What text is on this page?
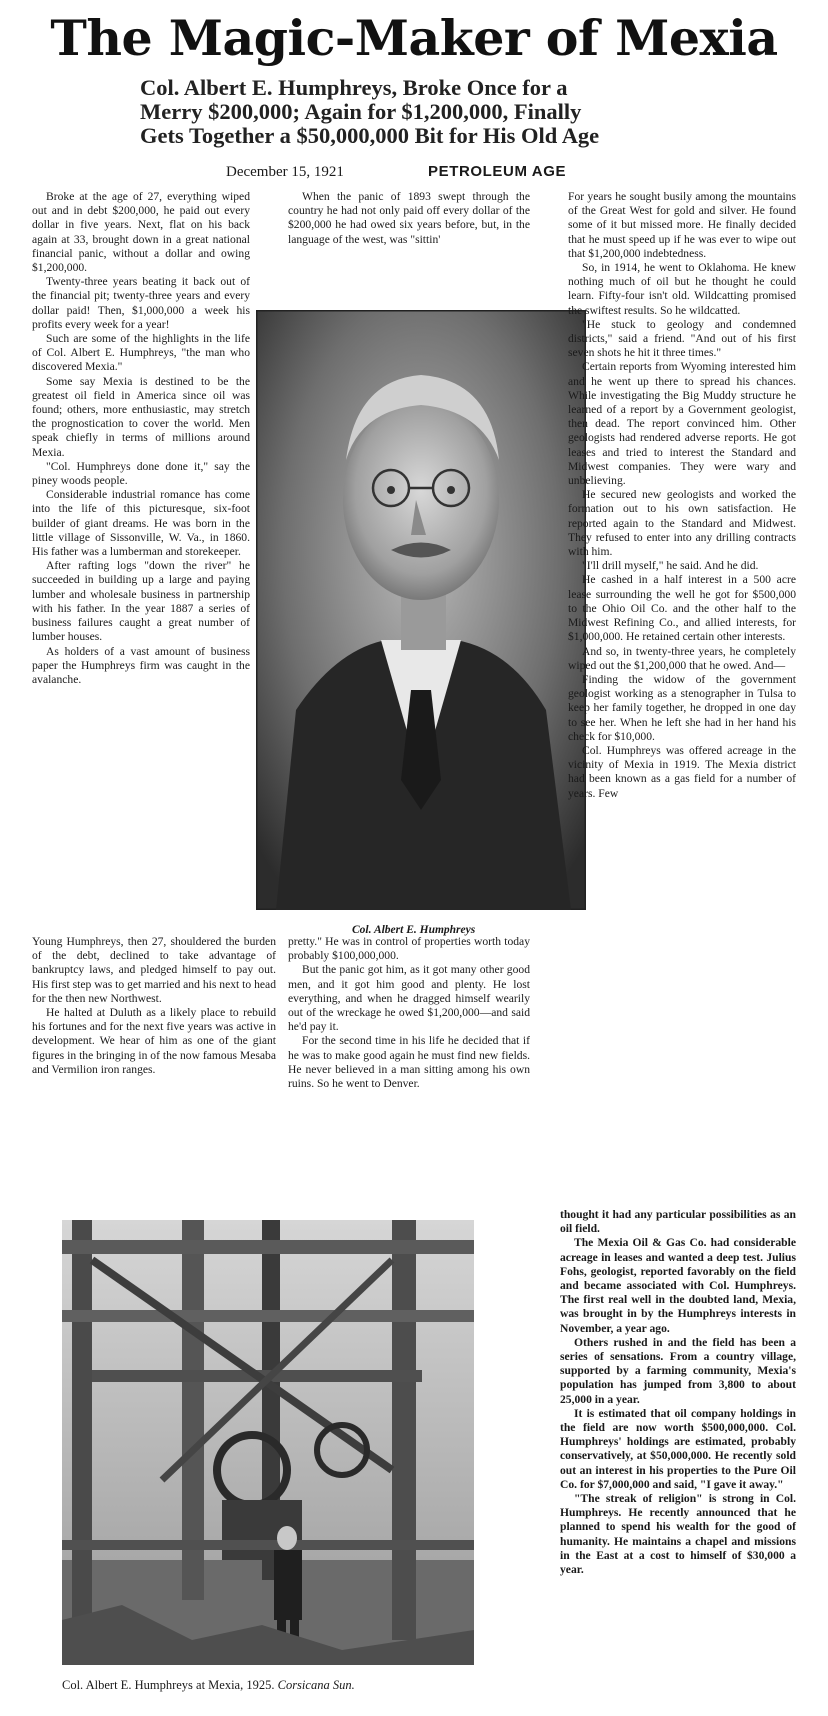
The Magic-Maker of Mexia
Col. Albert E. Humphreys, Broke Once for a
Merry $200,000; Again for $1,200,000, Finally
Gets Together a $50,000,000 Bit for His Old Age
December 15, 1921	PETROLEUM AGE

Broke at the age of 27, everything wiped out and in debt $200,000, he paid out every dollar in five years. Next, flat on his back again at 33, brought down in a great national financial panic, without a dollar and owing $1,200,000.

Twenty-three years beating it back out of the financial pit; twenty-three years and every dollar paid! Then, $1,000,000 a week his profits every week for a year!

Such are some of the highlights in the life of Col. Albert E. Humphreys, "the man who discovered Mexia."

Some say Mexia is destined to be the greatest oil field in America since oil was found; others, more enthusiastic, may stretch the prognostication to cover the world. Men speak chiefly in terms of millions around Mexia.

"Col. Humphreys done done it," say the piney woods people.

Considerable industrial romance has come into the life of this picturesque, six-foot builder of giant dreams. He was born in the little village of Sissonville, W. Va., in 1860. His father was a lumberman and storekeeper.

After rafting logs "down the river" he succeeded in building up a large and paying lumber and wholesale business in partnership with his father. In the year 1887 a series of business failures caught a great number of lumber houses.

As holders of a vast amount of business paper the Humphreys firm was caught in the avalanche.

Young Humphreys, then 27, shouldered the burden of the debt, declined to take advantage of bankruptcy laws, and pledged himself to pay out. His first step was to get married and his next to head for the then new Northwest.

He halted at Duluth as a likely place to rebuild his fortunes and for the next five years was active in development. We hear of him as one of the giant figures in the bringing in of the now famous Mesaba and Vermilion iron ranges.

When the panic of 1893 swept through the country he had not only paid off every dollar of the $200,000 he had owed six years before, but, in the language of the west, was "sittin'

Col. Albert E. Humphreys

pretty." He was in control of properties worth today probably $100,000,000.

But the panic got him, as it got many other good men, and it got him good and plenty. He lost everything, and when he dragged himself wearily out of the wreckage he owed $1,200,000—and said he'd pay it.

For the second time in his life he decided that if he was to make good again he must find new fields. He never believed in a man sitting among his own ruins. So he went to Denver.

For years he sought busily among the mountains of the Great West for gold and silver. He found some of it but missed more. He finally decided that he must speed up if he was ever to wipe out that $1,200,000 indebtedness.

So, in 1914, he went to Oklahoma. He knew nothing much of oil but he thought he could learn. Fifty-four isn't old. Wildcatting promised the swiftest results. So he wildcatted.

"He stuck to geology and condemned districts," said a friend. "And out of his first seven shots he hit it three times."

Certain reports from Wyoming interested him and he went up there to spread his chances. While investigating the Big Muddy structure he learned of a report by a Government geologist, then dead. The report convinced him. Other geologists had rendered adverse reports. He got leases and tried to interest the Standard and Midwest companies. They were wary and unbelieving.

He secured new geologists and worked the formation out to his own satisfaction. He reported again to the Standard and Midwest. They refused to enter into any drilling contracts with him.

"I'll drill myself," he said. And he did.

He cashed in a half interest in a 500 acre lease surrounding the well he got for $500,000 to the Ohio Oil Co. and the other half to the Midwest Refining Co., and allied interests, for $1,000,000. He retained certain other interests.

And so, in twenty-three years, he completely wiped out the $1,200,000 that he owed. And—

Finding the widow of the government geologist working as a stenographer in Tulsa to keep her family together, he dropped in one day to see her. When he left she had in her hand his check for $10,000.

Col. Humphreys was offered acreage in the vicinity of Mexia in 1919. The Mexia district had been known as a gas field for a number of years. Few

thought it had any particular possibilities as an oil field.

The Mexia Oil & Gas Co. had considerable acreage in leases and wanted a deep test. Julius Fohs, geologist, reported favorably on the field and became associated with Col. Humphreys. The first real well in the doubted land, Mexia, was brought in by the Humphreys interests in November, a year ago.

Others rushed in and the field has been a series of sensations. From a country village, supported by a farming community, Mexia's population has jumped from 3,800 to about 25,000 in a year.

It is estimated that oil company holdings in the field are now worth $500,000,000. Col. Humphreys' holdings are estimated, probably conservatively, at $50,000,000. He recently sold out an interest in his properties to the Pure Oil Co. for $7,000,000 and said, "I gave it away."

"The streak of religion" is strong in Col. Humphreys. He recently announced that he planned to spend his wealth for the good of humanity. He maintains a chapel and missions in the East at a cost to himself of $30,000 a year.

Col. Albert E. Humphreys at Mexia, 1925. Corsicana Sun.
